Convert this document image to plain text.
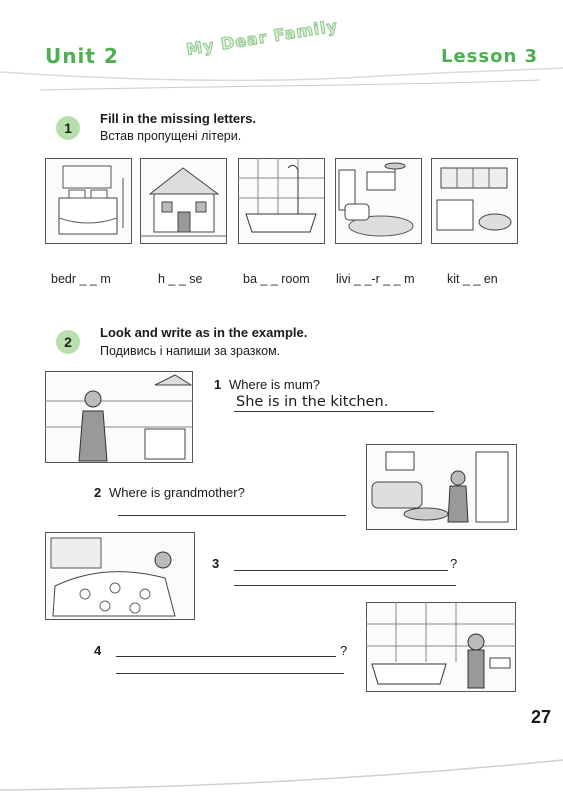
Unit 2	My Dear Family	Lesson 3
1
Fill in the missing letters.
Встав пропущені літери.
bedr _ _ m	h _ _ se	ba _ _ room livi _ _-r _ _ m	kit _ _ en
2
Look and write as in the example.
Подивись і напиши за зразком.
1 Where is mum?
She is in the kitchen.
2 Where is grandmother?
3	?
4	?
27
